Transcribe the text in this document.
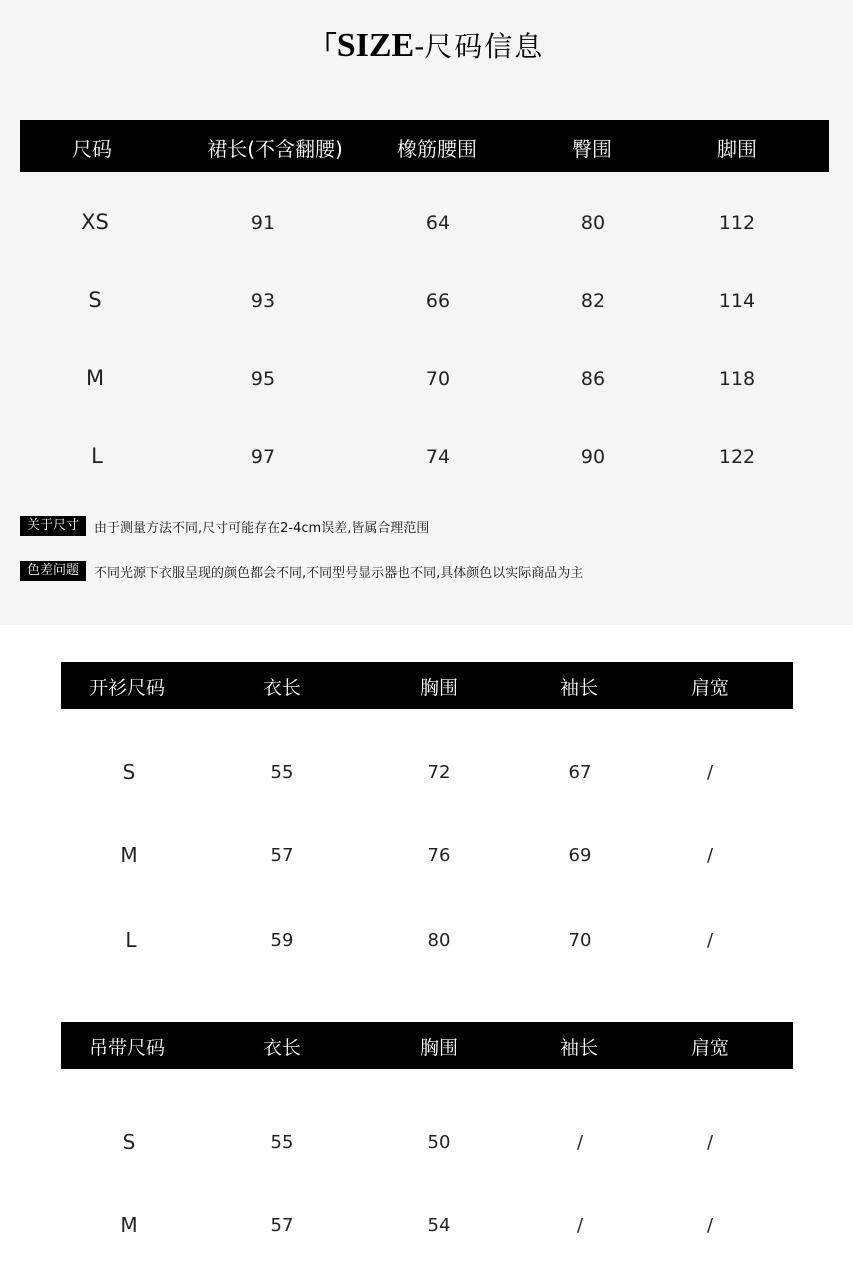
「SIZE-尺码信息
尺码	裙长(不含翻腰)	橡筋腰围	臀围	脚围
XS	91	64	80	112
S	93	66	82	114
M	95	70	86	118
L	97	74	90	122
关于尺寸	由于测量方法不同,尺寸可能存在2-4cm误差,皆属合理范围
色差问题	不同光源下衣服呈现的颜色都会不同,不同型号显示器也不同,具体颜色以实际商品为主
开衫尺码	衣长	胸围	袖长	肩宽
S	55	72	67	/
M	57	76	69	/
L	59	80	70	/
吊带尺码	衣长	胸围	袖长	肩宽
S	55	50	/	/
M	57	54	/	/
